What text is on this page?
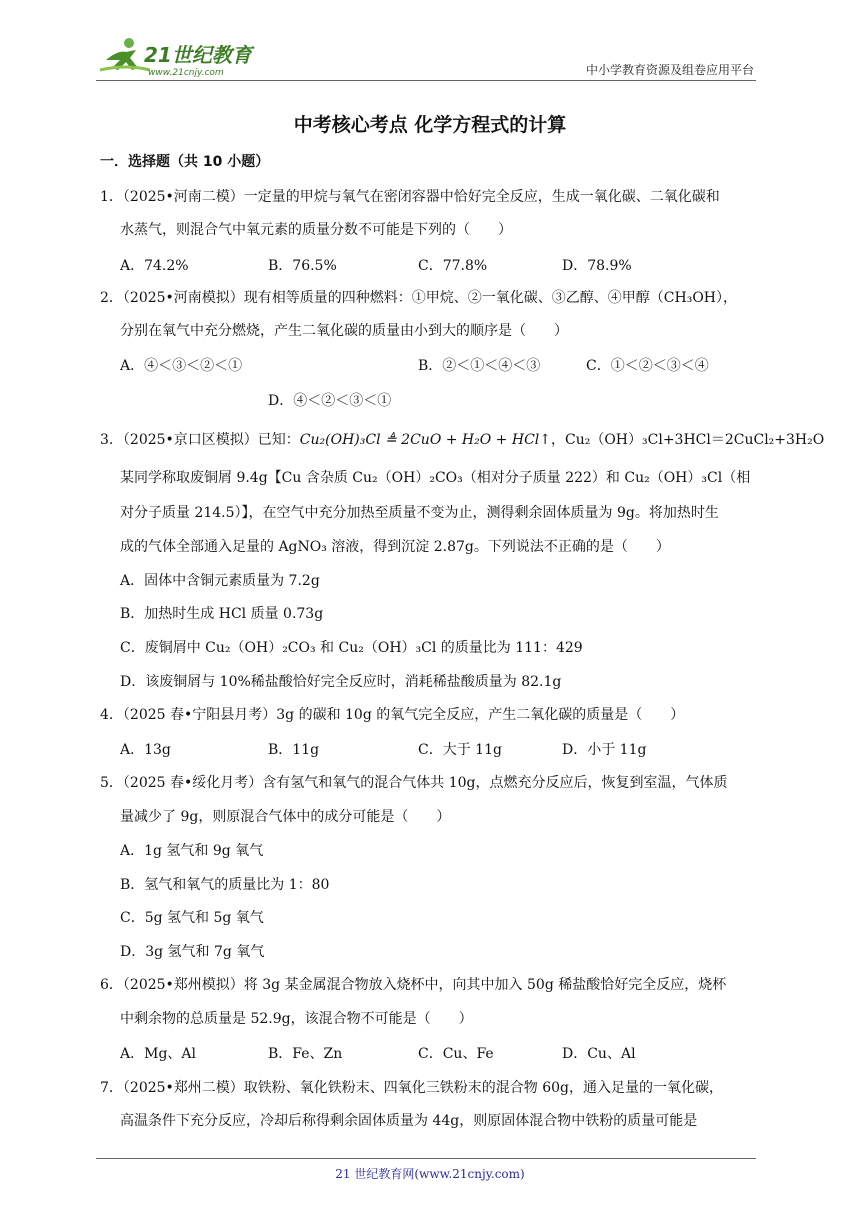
21世纪教育
www.21cnjy.com	中小学教育资源及组卷应用平台
中考核心考点 化学方程式的计算
一．选择题（共 10 小题）
1．（2025•河南二模）一定量的甲烷与氧气在密闭容器中恰好完全反应，生成一氧化碳、二氧化碳和
水蒸气，则混合气中氧元素的质量分数不可能是下列的（　　）
A．74.2%	B．76.5%	C．77.8%	D．78.9%
2．（2025•河南模拟）现有相等质量的四种燃料：①甲烷、②一氧化碳、③乙醇、④甲醇（CH₃OH），
分别在氧气中充分燃烧，产生二氧化碳的质量由小到大的顺序是（　　）
A．④＜③＜②＜①	B．②＜①＜④＜③	C．①＜②＜③＜④
D．④＜②＜③＜①
3．（2025•京口区模拟）已知：Cu₂(OH)₃Cl ≜ 2CuO + H₂O + HCl↑，Cu₂（OH）₃Cl+3HCl＝2CuCl₂+3H₂O
某同学称取废铜屑 9.4g【Cu 含杂质 Cu₂（OH）₂CO₃（相对分子质量 222）和 Cu₂（OH）₃Cl（相
对分子质量 214.5）】，在空气中充分加热至质量不变为止，测得剩余固体质量为 9g。将加热时生
成的气体全部通入足量的 AgNO₃ 溶液，得到沉淀 2.87g。下列说法不正确的是（　　）
A．固体中含铜元素质量为 7.2g
B．加热时生成 HCl 质量 0.73g
C．废铜屑中 Cu₂（OH）₂CO₃ 和 Cu₂（OH）₃Cl 的质量比为 111：429
D．该废铜屑与 10%稀盐酸恰好完全反应时，消耗稀盐酸质量为 82.1g
4．（2025 春•宁阳县月考）3g 的碳和 10g 的氧气完全反应，产生二氧化碳的质量是（　　）
A．13g	B．11g	C．大于 11g	D．小于 11g
5．（2025 春•绥化月考）含有氢气和氧气的混合气体共 10g，点燃充分反应后，恢复到室温，气体质
量减少了 9g，则原混合气体中的成分可能是（　　）
A．1g 氢气和 9g 氧气
B．氢气和氧气的质量比为 1：80
C．5g 氢气和 5g 氧气
D．3g 氢气和 7g 氧气
6．（2025•郑州模拟）将 3g 某金属混合物放入烧杯中，向其中加入 50g 稀盐酸恰好完全反应，烧杯
中剩余物的总质量是 52.9g，该混合物不可能是（　　）
A．Mg、Al	B．Fe、Zn	C．Cu、Fe	D．Cu、Al
7．（2025•郑州二模）取铁粉、氧化铁粉末、四氧化三铁粉末的混合物 60g，通入足量的一氧化碳，
高温条件下充分反应，冷却后称得剩余固体质量为 44g，则原固体混合物中铁粉的质量可能是
21 世纪教育网(www.21cnjy.com)
